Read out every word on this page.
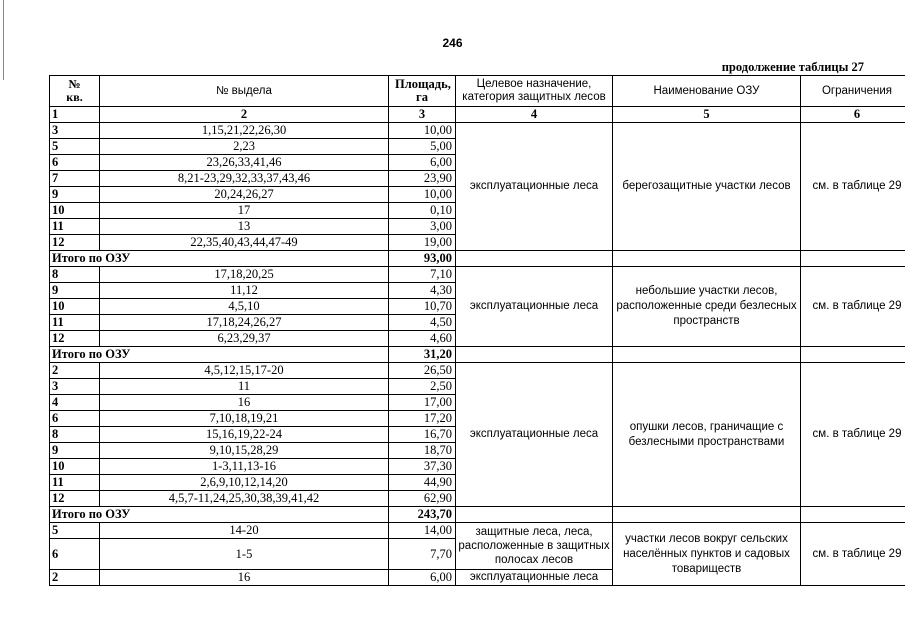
246
продолжение таблицы 27
№ кв.	№ выдела	Площадь, га	Целевое назначение, категория защитных лесов	Наименование ОЗУ	Ограничения
1	2	3	4	5	6
3	1,15,21,22,26,30	10,00	эксплуатационные леса	берегозащитные участки лесов	см. в таблице 29
5	2,23	5,00			
6	23,26,33,41,46	6,00			
7	8,21-23,29,32,33,37,43,46	23,90			
9	20,24,26,27	10,00			
10	17	0,10			
11	13	3,00			
12	22,35,40,43,44,47-49	19,00			
Итого по ОЗУ		93,00			
8	17,18,20,25	7,10	эксплуатационные леса	небольшие участки лесов, расположенные среди безлесных пространств	см. в таблице 29
9	11,12	4,30			
10	4,5,10	10,70			
11	17,18,24,26,27	4,50			
12	6,23,29,37	4,60			
Итого по ОЗУ		31,20			
2	4,5,12,15,17-20	26,50	эксплуатационные леса	опушки лесов, граничащие с безлесными пространствами	см. в таблице 29
3	11	2,50			
4	16	17,00			
6	7,10,18,19,21	17,20			
8	15,16,19,22-24	16,70			
9	9,10,15,28,29	18,70			
10	1-3,11,13-16	37,30			
11	2,6,9,10,12,14,20	44,90			
12	4,5,7-11,24,25,30,38,39,41,42	62,90			
Итого по ОЗУ		243,70			
5	14-20	14,00	защитные леса, леса, расположенные в защитных полосах лесов	участки лесов вокруг сельских населённых пунктов и садовых товариществ	см. в таблице 29
6	1-5	7,70			
2	16	6,00	эксплуатационные леса		
